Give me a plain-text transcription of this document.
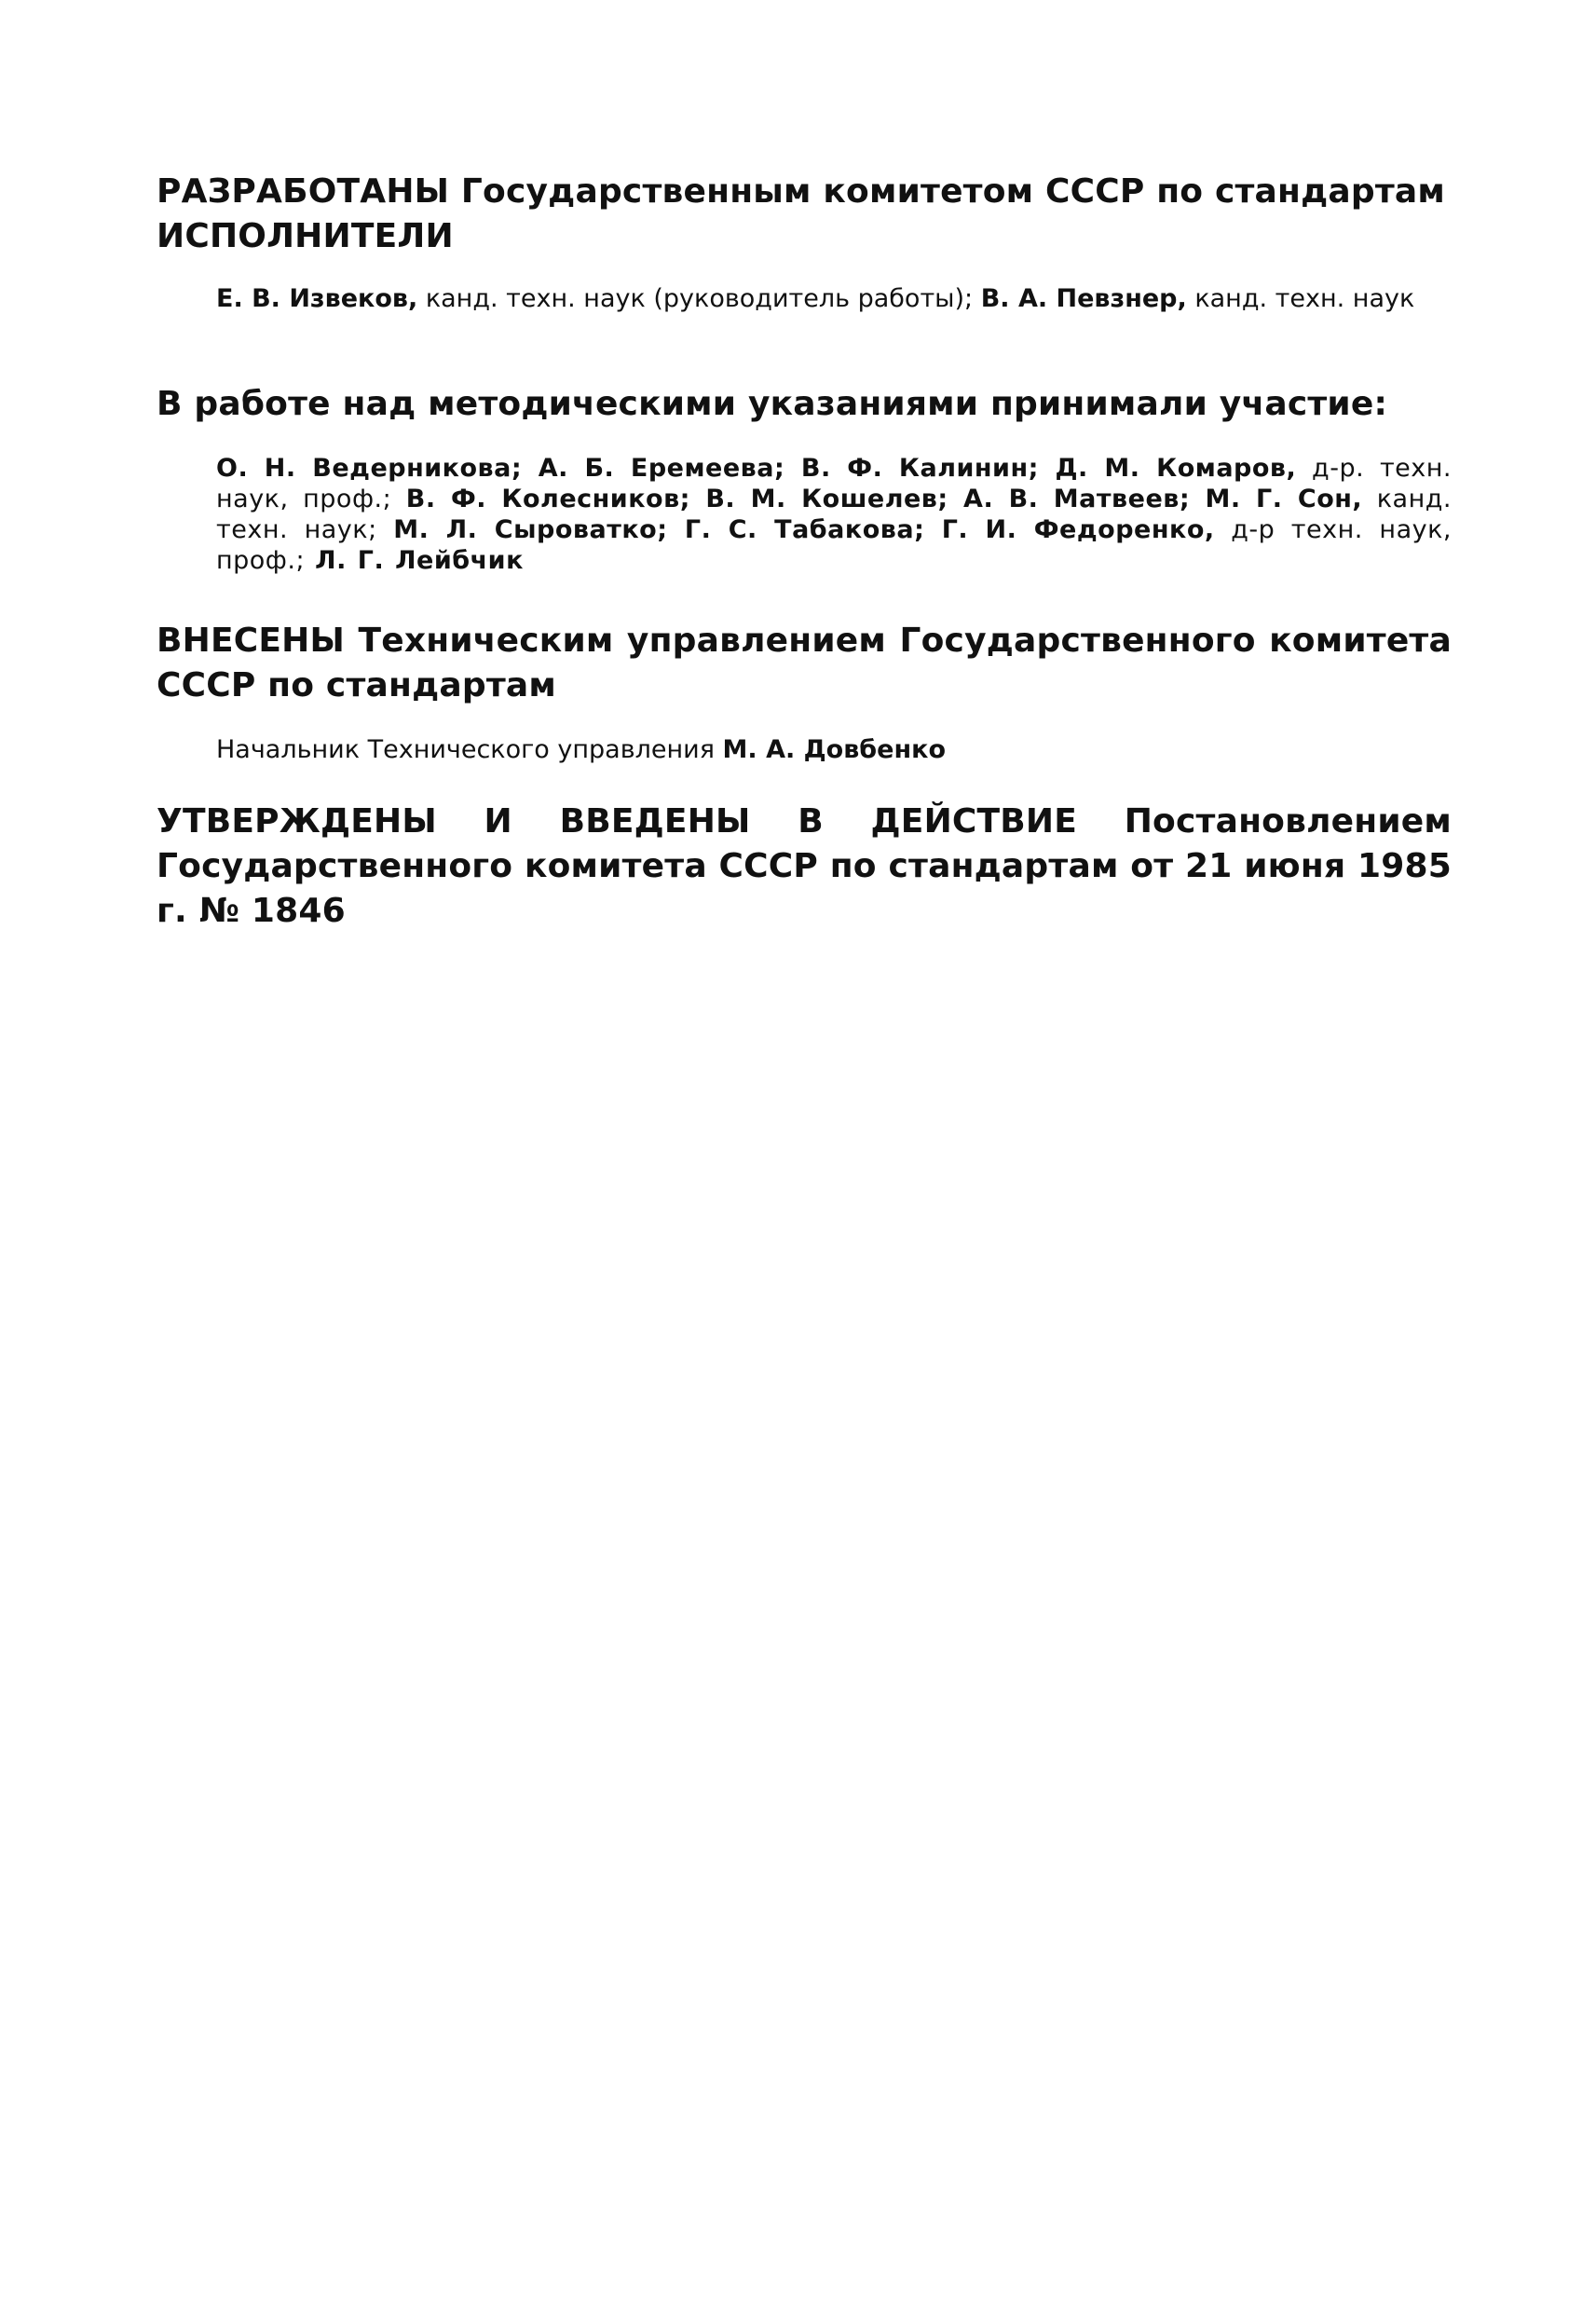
РАЗРАБОТАНЫ Государственным комитетом СССР по стандартам

ИСПОЛНИТЕЛИ

Е. В. Извеков, канд. техн. наук (руководитель работы); В. А. Певзнер, канд. техн. наук

В работе над методическими указаниями принимали участие:

О. Н. Ведерникова; А. Б. Еремеева; В. Ф. Калинин; Д. М. Комаров, д-р. техн. наук, проф.; В. Ф. Колесников; В. М. Кошелев; А. В. Матвеев; М. Г. Сон, канд. техн. наук; М. Л. Сыроватко; Г. С. Табакова; Г. И. Федоренко, д-р техн. наук, проф.; Л. Г. Лейбчик

ВНЕСЕНЫ Техническим управлением Государственного комитета СССР по стандартам

Начальник Технического управления М. А. Довбенко

УТВЕРЖДЕНЫ И ВВЕДЕНЫ В ДЕЙСТВИЕ Постановлением Государственного комитета СССР по стандартам от 21 июня 1985 г. № 1846
